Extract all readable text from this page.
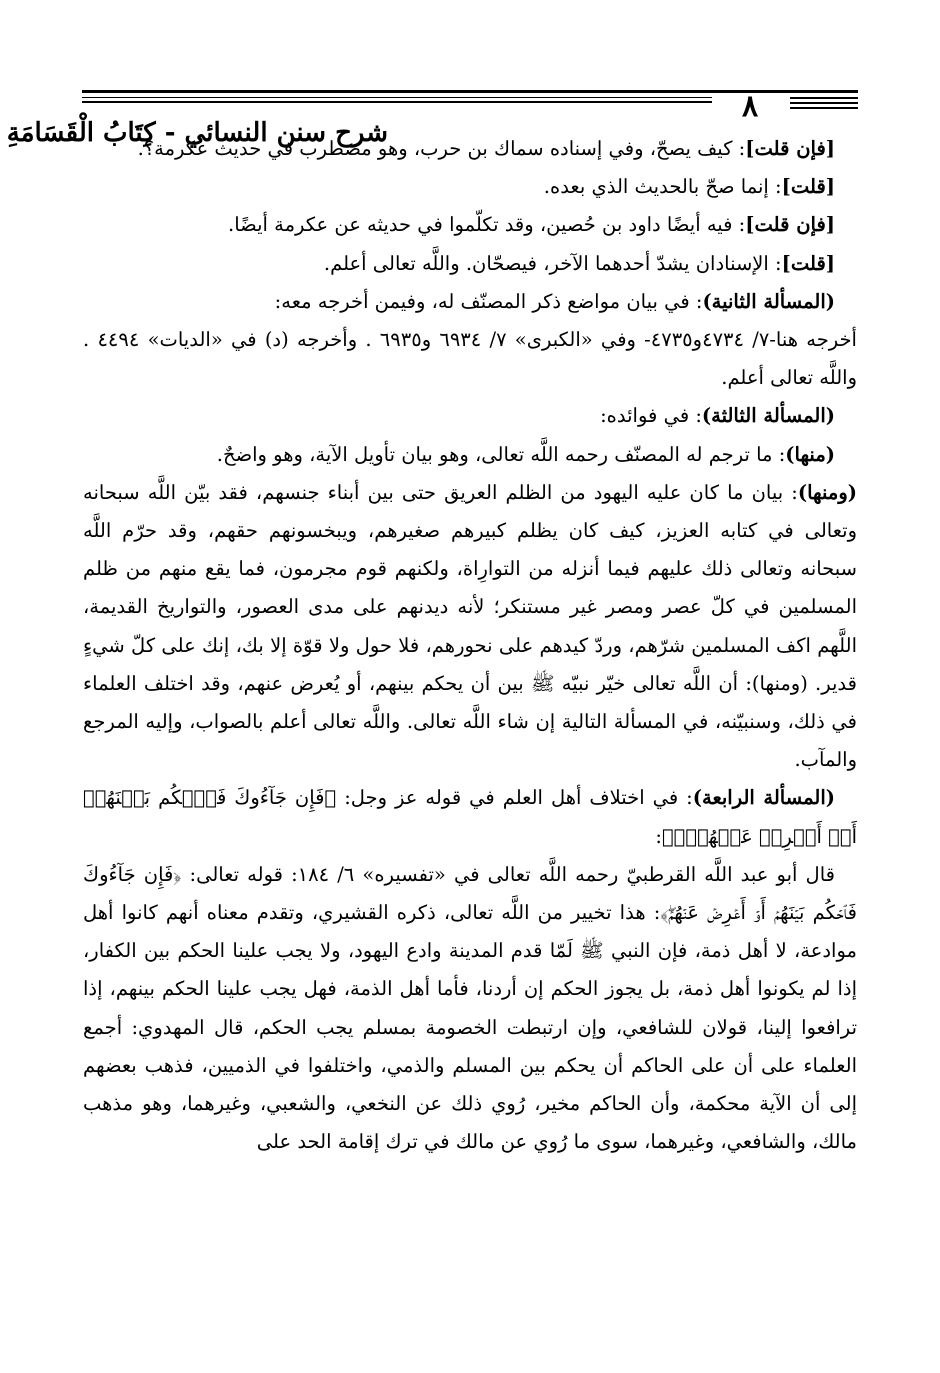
شرح سنن النسائي - كِتَابُ الْقَسَامَةِ
٨

[فإن قلت]: كيف يصحّ، وفي إسناده سماك بن حرب، وهو مضطرب في حديث عكرمة؟.

[قلت]: إنما صحّ بالحديث الذي بعده.

[فإن قلت]: فيه أيضًا داود بن حُصين، وقد تكلّموا في حديثه عن عكرمة أيضًا.

[قلت]: الإسنادان يشدّ أحدهما الآخر، فيصحّان. واللَّه تعالى أعلم.

(المسألة الثانية): في بيان مواضع ذكر المصنّف له، وفيمن أخرجه معه:

أخرجه هنا-٧/ ٤٧٣٤و٤٧٣٥- وفي «الكبرى» ٧/ ٦٩٣٤ و٦٩٣٥ . وأخرجه (د) في «الديات» ٤٤٩٤ . واللَّه تعالى أعلم.

(المسألة الثالثة): في فوائده:

(منها): ما ترجم له المصنّف رحمه اللَّه تعالى، وهو بيان تأويل الآية، وهو واضحٌ.

(ومنها): بيان ما كان عليه اليهود من الظلم العريق حتى بين أبناء جنسهم، فقد بيّن اللَّه سبحانه وتعالى في كتابه العزيز، كيف كان يظلم كبيرهم صغيرهم، ويبخسونهم حقهم، وقد حرّم اللَّه سبحانه وتعالى ذلك عليهم فيما أنزله من التوارِاة، ولكنهم قوم مجرمون، فما يقع منهم من ظلم المسلمين في كلّ عصر ومصر غير مستنكر؛ لأنه ديدنهم على مدى العصور، والتواريخ القديمة، اللَّهم اكف المسلمين شرّهم، وردّ كيدهم على نحورهم، فلا حول ولا قوّة إلا بك، إنك على كلّ شيءٍ قدير. (ومنها): أن اللَّه تعالى خيّر نبيّه ﷺ بين أن يحكم بينهم، أو يُعرض عنهم، وقد اختلف العلماء في ذلك، وسنبيّنه، في المسألة التالية إن شاء اللَّه تعالى. واللَّه تعالى أعلم بالصواب، وإليه المرجع والمآب.

(المسألة الرابعة): في اختلاف أهل العلم في قوله عز وجل: ﴿فَإِن جَآءُوكَ فَٱحۡكُم بَيۡنَهُمۡ أَوۡ أَعۡرِضۡ عَنۡهُمۡۖ﴾:

قال أبو عبد اللَّه القرطبيّ رحمه اللَّه تعالى في «تفسيره» ٦/ ١٨٤: قوله تعالى: ﴿فَإِن جَآءُوكَ فَٱحۡكُم بَيۡنَهُمۡ أَوۡ أَعۡرِضۡ عَنۡهُمۡۖ﴾: هذا تخيير من اللَّه تعالى، ذكره القشيري، وتقدم معناه أنهم كانوا أهل موادعة، لا أهل ذمة، فإن النبي ﷺ لَمّا قدم المدينة وادع اليهود، ولا يجب علينا الحكم بين الكفار، إذا لم يكونوا أهل ذمة، بل يجوز الحكم إن أردنا، فأما أهل الذمة، فهل يجب علينا الحكم بينهم، إذا ترافعوا إلينا، قولان للشافعي، وإن ارتبطت الخصومة بمسلم يجب الحكم، قال المهدوي: أجمع العلماء على أن على الحاكم أن يحكم بين المسلم والذمي، واختلفوا في الذميين، فذهب بعضهم إلى أن الآية محكمة، وأن الحاكم مخير، رُوي ذلك عن النخعي، والشعبي، وغيرهما، وهو مذهب مالك، والشافعي، وغيرهما، سوى ما رُوي عن مالك في ترك إقامة الحد على
